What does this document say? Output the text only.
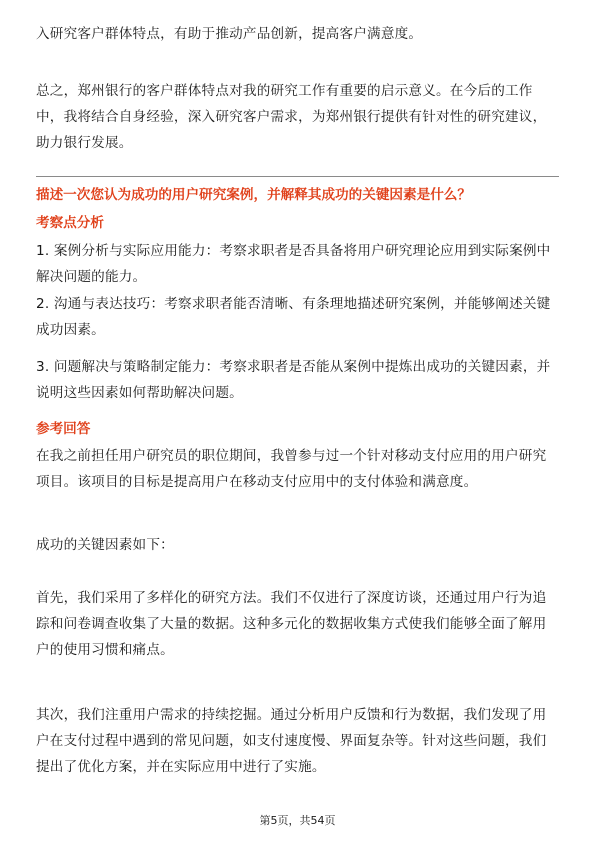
入研究客户群体特点，有助于推动产品创新，提高客户满意度。

总之，郑州银行的客户群体特点对我的研究工作有重要的启示意义。在今后的工作中，我将结合自身经验，深入研究客户需求，为郑州银行提供有针对性的研究建议，助力银行发展。

描述一次您认为成功的用户研究案例，并解释其成功的关键因素是什么？
考察点分析

1. 案例分析与实际应用能力：考察求职者是否具备将用户研究理论应用到实际案例中解决问题的能力。

2. 沟通与表达技巧：考察求职者能否清晰、有条理地描述研究案例，并能够阐述关键成功因素。

3. 问题解决与策略制定能力：考察求职者是否能从案例中提炼出成功的关键因素，并说明这些因素如何帮助解决问题。

参考回答

在我之前担任用户研究员的职位期间，我曾参与过一个针对移动支付应用的用户研究项目。该项目的目标是提高用户在移动支付应用中的支付体验和满意度。

成功的关键因素如下：

首先，我们采用了多样化的研究方法。我们不仅进行了深度访谈，还通过用户行为追踪和问卷调查收集了大量的数据。这种多元化的数据收集方式使我们能够全面了解用户的使用习惯和痛点。

其次，我们注重用户需求的持续挖掘。通过分析用户反馈和行为数据，我们发现了用户在支付过程中遇到的常见问题，如支付速度慢、界面复杂等。针对这些问题，我们提出了优化方案，并在实际应用中进行了实施。

第5页，共54页
